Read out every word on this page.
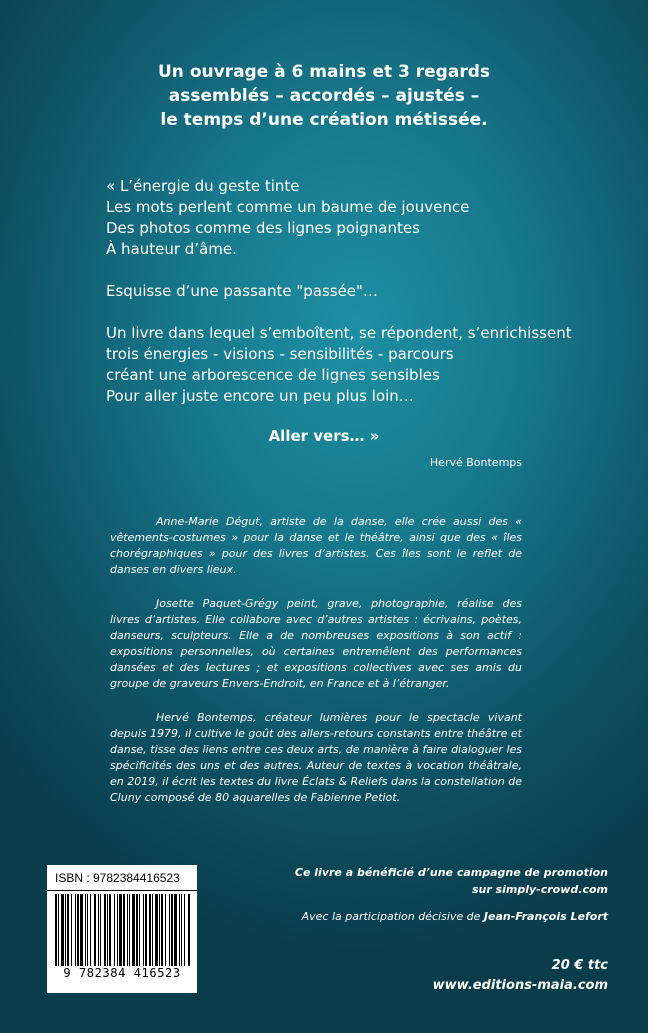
Un ouvrage à 6 mains et 3 regards
assemblés – accordés – ajustés –
le temps d’une création métissée.
« L’énergie du geste tinte
Les mots perlent comme un baume de jouvence
Des photos comme des lignes poignantes
À hauteur d’âme.
Esquisse d’une passante "passée"…
Un livre dans lequel s’emboîtent, se répondent, s’enrichissent
trois énergies - visions - sensibilités - parcours
créant une arborescence de lignes sensibles
Pour aller juste encore un peu plus loin…
Aller vers… »
Hervé Bontemps

Anne-Marie Dégut, artiste de la danse, elle crée aussi des « vêtements-costumes » pour la danse et le théâtre, ainsi que des « îles chorégraphiques » pour des livres d’artistes. Ces îles sont le reflet de danses en divers lieux.

Josette Paquet-Grégy peint, grave, photographie, réalise des livres d’artistes. Elle collabore avec d’autres artistes : écrivains, poètes, danseurs, sculpteurs. Elle a de nombreuses expositions à son actif : expositions personnelles, où certaines entremêlent des performances dansées et des lectures ; et expositions collectives avec ses amis du groupe de graveurs Envers-Endroit, en France et à l’étranger.

Hervé Bontemps, créateur lumières pour le spectacle vivant depuis 1979, il cultive le goût des allers-retours constants entre théâtre et danse, tisse des liens entre ces deux arts, de manière à faire dialoguer les spécificités des uns et des autres. Auteur de textes à vocation théâtrale, en 2019, il écrit les textes du livre Éclats & Reliefs dans la constellation de Cluny composé de 80 aquarelles de Fabienne Petiot.

ISBN : 9782384416523
9 782384 416523
Ce livre a bénéficié d’une campagne de promotion
sur simply-crowd.com
Avec la participation décisive de Jean-François Lefort
20 € ttc
www.editions-maia.com
